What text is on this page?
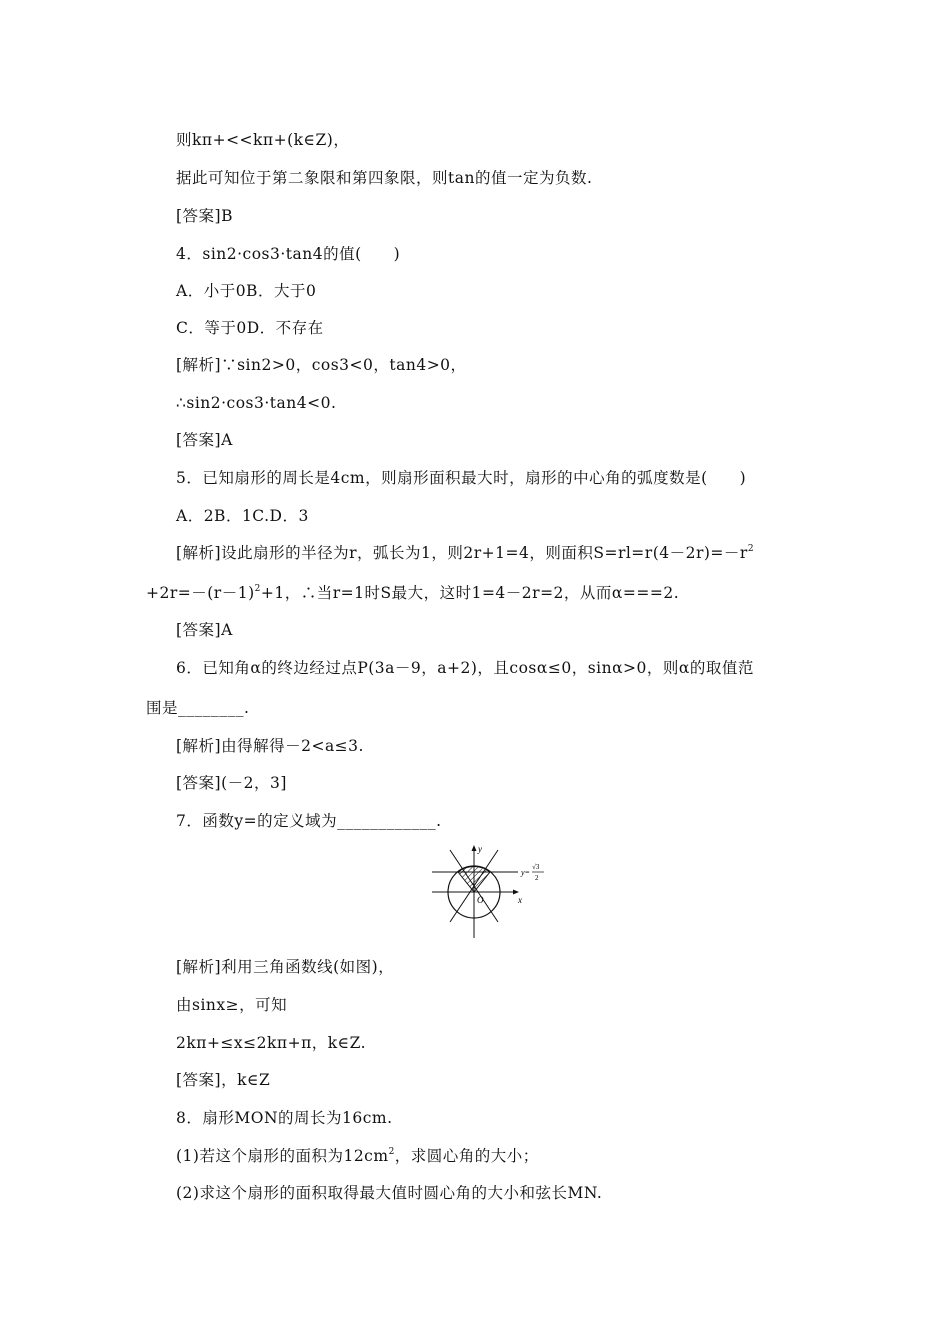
则kπ+<<kπ+(k∈Z)，
据此可知位于第二象限和第四象限，则tan的值一定为负数.
[答案]B
4．sin2·cos3·tan4的值(　　)
A．小于0B．大于0
C．等于0D．不存在
[解析]∵sin2>0，cos3<0，tan4>0，
∴sin2·cos3·tan4<0.
[答案]A
5．已知扇形的周长是4cm，则扇形面积最大时，扇形的中心角的弧度数是(　　)
A．2B．1C.D．3
[解析]设此扇形的半径为r，弧长为1，则2r+1=4，则面积$S=rl=r(4-2r)=-r^2$
$+2r=-(r-1)^2+1$，∴当r=1时S最大，这时1=4－2r=2，从而α===2.
[答案]A
6．已知角α的终边经过点P(3a－9，a+2)，且cosα≤0，sinα>0，则α的取值范
围是________.
[解析]由得解得－2<a≤3.
[答案](－2，3]
7．函数y=的定义域为____________.
y
x
O
y=
√3
2
[解析]利用三角函数线(如图)，
由sinx≥，可知
2kπ+≤x≤2kπ+π，k∈Z.
[答案]，k∈Z
8．扇形MON的周长为16cm.
(1)若这个扇形的面积为$12cm^2$，求圆心角的大小；
(2)求这个扇形的面积取得最大值时圆心角的大小和弦长MN.
